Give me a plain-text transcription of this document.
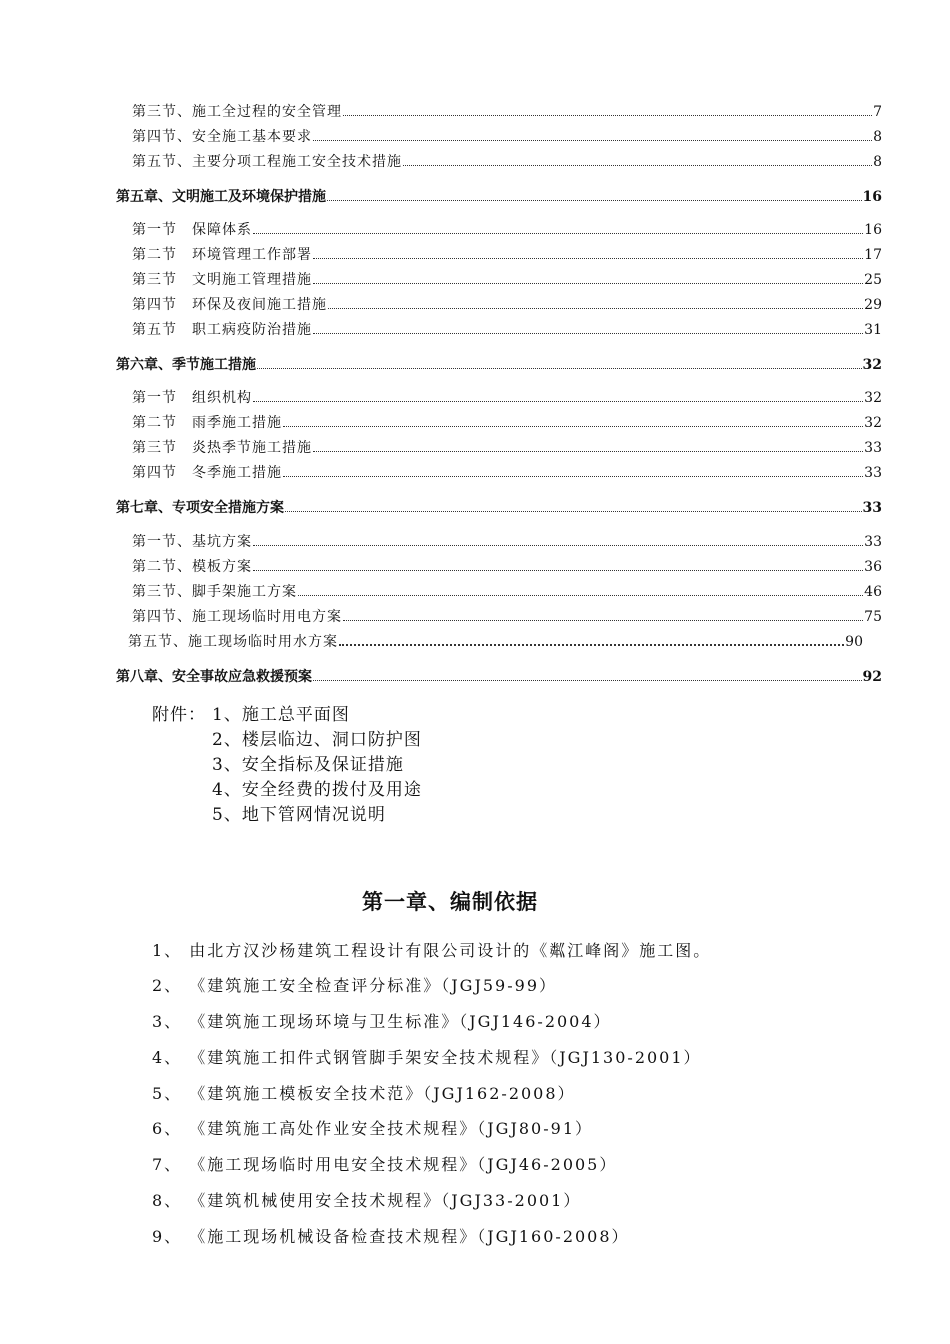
第三节、施工全过程的安全管理	7
第四节、安全施工基本要求	8
第五节、主要分项工程施工安全技术措施	8
第五章、文明施工及环境保护措施	16
第一节　保障体系	16
第二节　环境管理工作部署	17
第三节　文明施工管理措施	25
第四节　环保及夜间施工措施	29
第五节　职工病疫防治措施	31
第六章、季节施工措施	32
第一节　组织机构	32
第二节　雨季施工措施	32
第三节　炎热季节施工措施	33
第四节　冬季施工措施	33
第七章、专项安全措施方案	33
第一节、基坑方案	33
第二节、模板方案	36
第三节、脚手架施工方案	46
第四节、施工现场临时用电方案	75
第五节、施工现场临时用水方案	90
第八章、安全事故应急救援预案	92
附件： 1、施工总平面图
2、楼层临边、洞口防护图
3、安全指标及保证措施
4、安全经费的拨付及用途
5、地下管网情况说明
第一章、编制依据
1、 由北方汉沙杨建筑工程设计有限公司设计的《粼江峰阁》施工图。
2、 《建筑施工安全检查评分标准》（JGJ59-99）
3、 《建筑施工现场环境与卫生标准》（JGJ146-2004）
4、 《建筑施工扣件式钢管脚手架安全技术规程》（JGJ130-2001）
5、 《建筑施工模板安全技术范》（JGJ162-2008）
6、 《建筑施工高处作业安全技术规程》（JGJ80-91）
7、 《施工现场临时用电安全技术规程》（JGJ46-2005）
8、 《建筑机械使用安全技术规程》（JGJ33-2001）
9、 《施工现场机械设备检查技术规程》（JGJ160-2008）
